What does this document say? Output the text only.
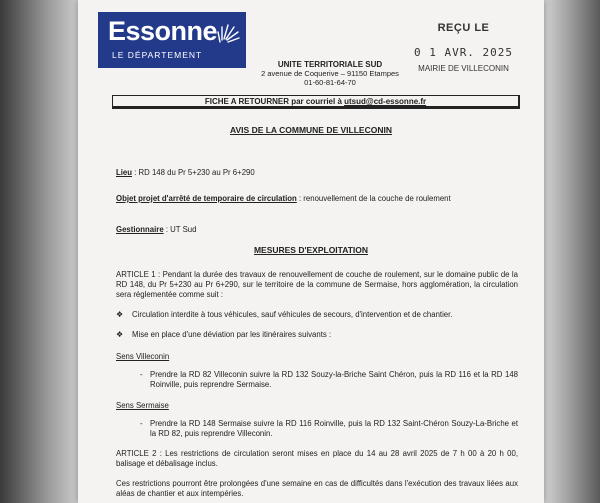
Essonne
LE DÉPARTEMENT
UNITE TERRITORIALE SUD
2 avenue de Coquerive – 91150 Etampes
01-60-81-64-70
REÇU LE
0 1 AVR. 2025
MAIRIE DE VILLECONIN
FICHE A RETOURNER par courriel à utsud@cd-essonne.fr
AVIS DE LA COMMUNE DE VILLECONIN
Lieu : RD 148 du Pr 5+230 au Pr 6+290
Objet projet d'arrêté de temporaire de circulation : renouvellement de la couche de roulement
Gestionnaire : UT Sud
MESURES D'EXPLOITATION
ARTICLE 1 : Pendant la durée des travaux de renouvellement de couche de roulement, sur le domaine public de la RD 148, du Pr 5+230 au Pr 6+290, sur le territoire de la commune de Sermaise, hors agglomération, la circulation sera réglementée comme suit :
❖ Circulation interdite à tous véhicules, sauf véhicules de secours, d'intervention et de chantier.
❖ Mise en place d'une déviation par les itinéraires suivants :
Sens Villeconin
- Prendre la RD 82 Villeconin suivre la RD 132 Souzy-la-Briche Saint Chéron, puis la RD 116 et la RD 148 Roinville, puis reprendre Sermaise.
Sens Sermaise
- Prendre la RD 148 Sermaise suivre la RD 116 Roinville, puis la RD 132 Saint-Chéron Souzy-La-Briche et la RD 82, puis reprendre Villeconin.
ARTICLE 2 : Les restrictions de circulation seront mises en place du 14 au 28 avril 2025 de 7 h 00 à 20 h 00, balisage et débalisage inclus.
Ces restrictions pourront être prolongées d'une semaine en cas de difficultés dans l'exécution des travaux liées aux aléas de chantier et aux intempéries.
